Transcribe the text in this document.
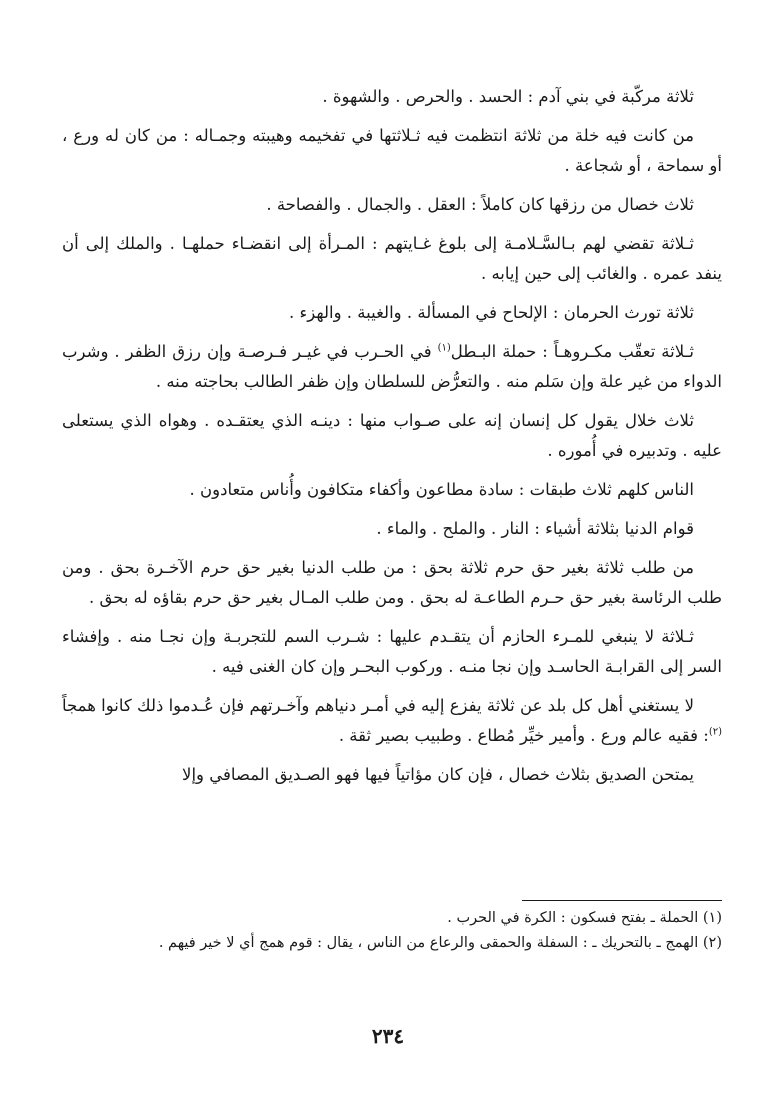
ثلاثة مركّبة في بني آدم : الحسد . والحرص . والشهوة .

من كانت فيه خلة من ثلاثة انتظمت فيه ثـلاثتها في تفخيمه وهيبته وجمـاله : من كان له ورع ، أو سماحة ، أو شجاعة .

ثلاث خصال من رزقها كان كاملاً : العقل . والجمال . والفصاحة .

ثـلاثة تقضي لهم بـالسَّـلامـة إلى بلوغ غـايتهم : المـرأة إلى انقضـاء حملهـا . والملك إلى أن ينفد عمره . والغائب إلى حين إيابه .

ثلاثة تورث الحرمان : الإلحاح في المسألة . والغيبة . والهزء .

ثـلاثة تعقّب مكـروهـاً : حملة البـطل$^{(١)}$ في الحـرب في غيـر فـرصـة وإن رزق الظفر . وشرب الدواء من غير علة وإن سَلم منه . والتعرُّض للسلطان وإن ظفر الطالب بحاجته منه .

ثلاث خلال يقول كل إنسان إنه على صـواب منها : دينـه الذي يعتقـده . وهواه الذي يستعلى عليه . وتدبيره في أُموره .

الناس كلهم ثلاث طبقات : سادة مطاعون وأكفاء متكافون وأُناس متعادون .

قوام الدنيا بثلاثة أشياء : النار . والملح . والماء .

من طلب ثلاثة بغير حق حرم ثلاثة بحق : من طلب الدنيا بغير حق حرم الآخـرة بحق . ومن طلب الرئاسة بغير حق حـرم الطاعـة له بحق . ومن طلب المـال بغير حق حرم بقاؤه له بحق .

ثـلاثة لا ينبغي للمـرء الحازم أن يتقـدم عليها : شـرب السم للتجربـة وإن نجـا منه . وإفشاء السر إلى القرابـة الحاسـد وإن نجا منـه . وركوب البحـر وإن كان الغنى فيه .

لا يستغني أهل كل بلد عن ثلاثة يفزع إليه في أمـر دنياهم وآخـرتهم فإن عُـدموا ذلك كانوا همجاً $^{(٢)}$: فقيه عالم ورع . وأمير خيِّر مُطاع . وطبيب بصير ثقة .

يمتحن الصديق بثلاث خصال ، فإن كان مؤاتياً فيها فهو الصـديق المصافي وإلا

(١) الحملة ـ بفتح فسكون : الكرة في الحرب .

(٢) الهمج ـ بالتحريك ـ : السفلة والحمقى والرعاع من الناس ، يقال : قوم همج أي لا خير فيهم .

٢٣٤
